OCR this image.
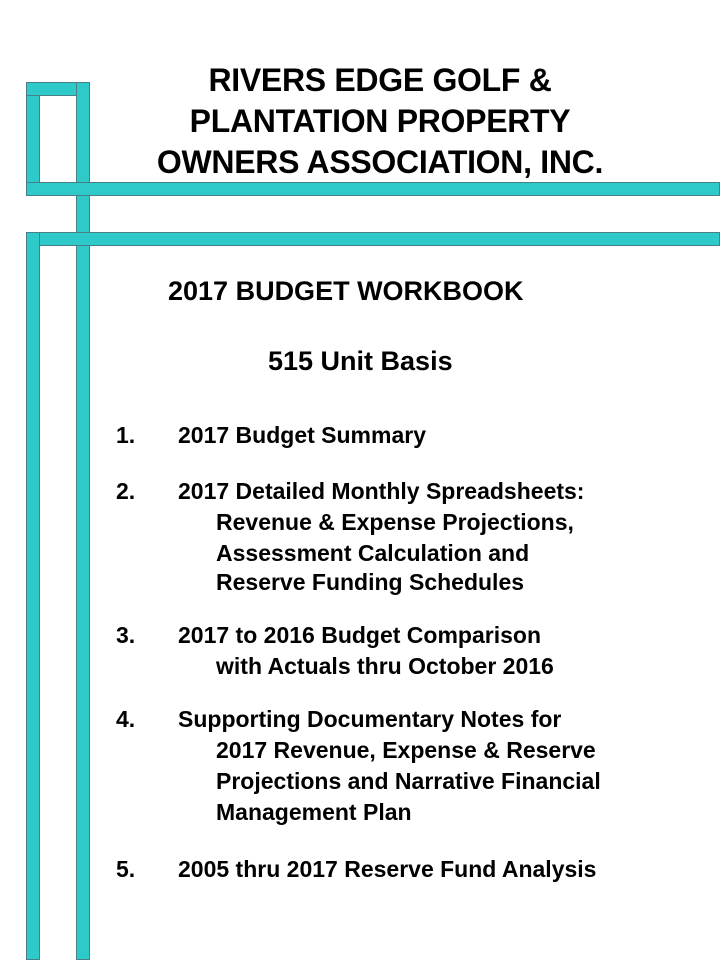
RIVERS EDGE GOLF &
PLANTATION PROPERTY
OWNERS ASSOCIATION, INC.
2017 BUDGET WORKBOOK
515 Unit Basis
1. 2017 Budget Summary
2. 2017 Detailed Monthly Spreadsheets:
Revenue & Expense Projections,
Assessment Calculation and
Reserve Funding Schedules
3. 2017 to 2016 Budget Comparison
with Actuals thru October 2016
4. Supporting Documentary Notes for
2017 Revenue, Expense & Reserve
Projections and Narrative Financial
Management Plan
5. 2005 thru 2017 Reserve Fund Analysis
